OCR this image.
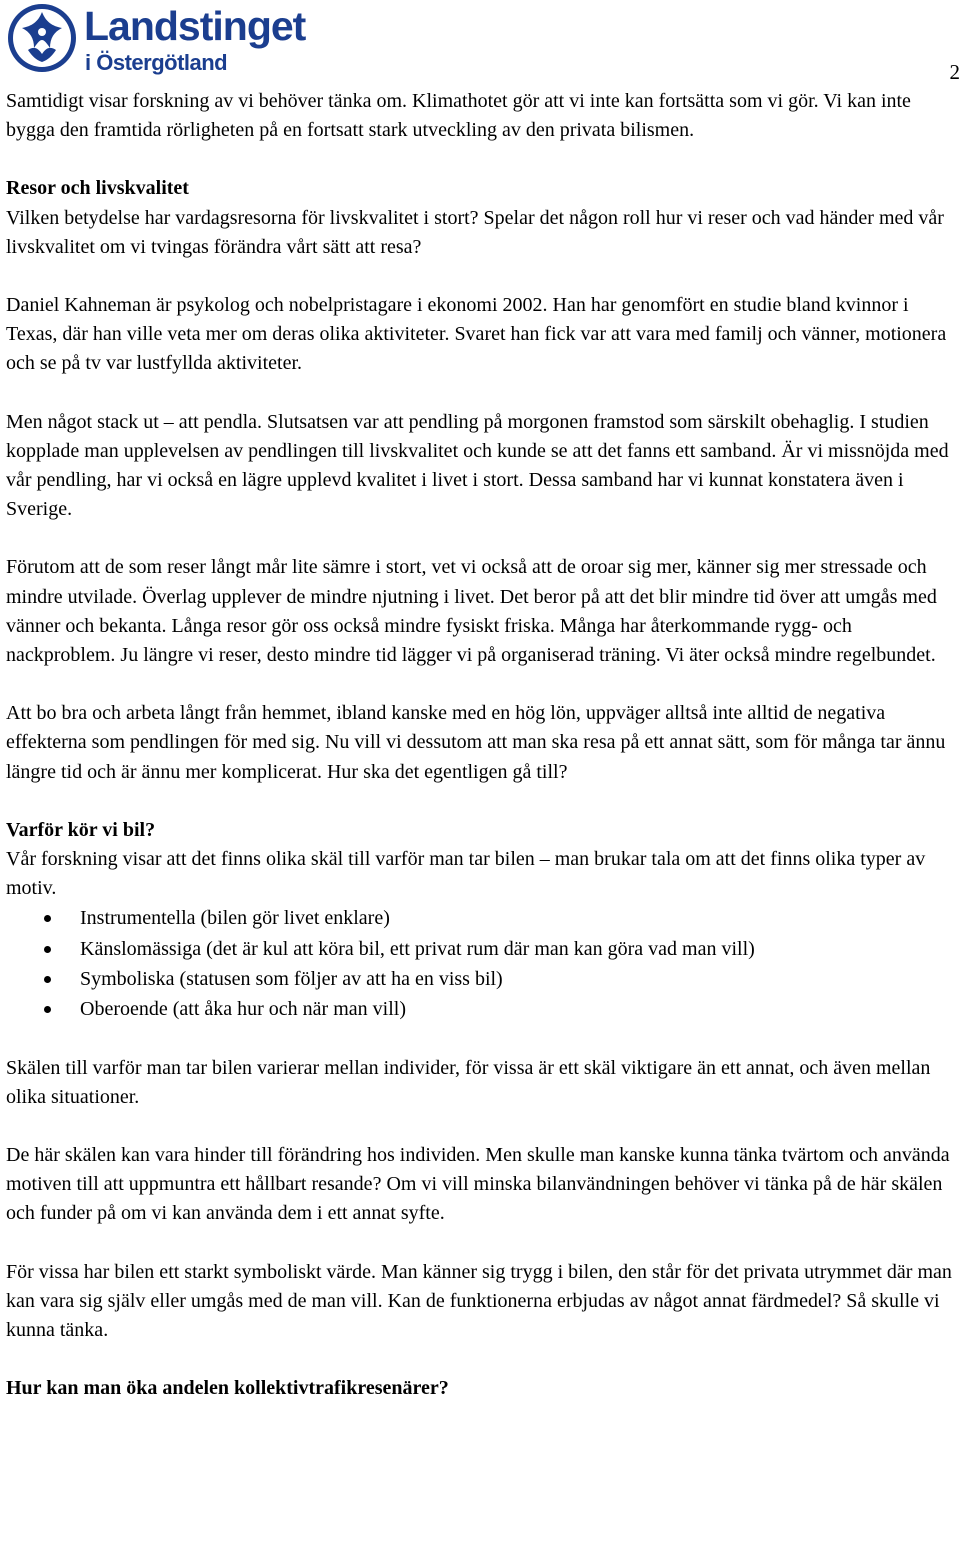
Landstinget
i Östergötland	2

Samtidigt visar forskning av vi behöver tänka om. Klimathotet gör att vi inte kan fortsätta som vi gör. Vi kan inte bygga den framtida rörligheten på en fortsatt stark utveckling av den privata bilismen.

Resor och livskvalitet

Vilken betydelse har vardagsresorna för livskvalitet i stort? Spelar det någon roll hur vi reser och vad händer med vår livskvalitet om vi tvingas förändra vårt sätt att resa?

Daniel Kahneman är psykolog och nobelpristagare i ekonomi 2002. Han har genomfört en studie bland kvinnor i Texas, där han ville veta mer om deras olika aktiviteter. Svaret han fick var att vara med familj och vänner, motionera och se på tv var lustfyllda aktiviteter.

Men något stack ut – att pendla. Slutsatsen var att pendling på morgonen framstod som särskilt obehaglig. I studien kopplade man upplevelsen av pendlingen till livskvalitet och kunde se att det fanns ett samband. Är vi missnöjda med vår pendling, har vi också en lägre upplevd kvalitet i livet i stort. Dessa samband har vi kunnat konstatera även i Sverige.

Förutom att de som reser långt mår lite sämre i stort, vet vi också att de oroar sig mer, känner sig mer stressade och mindre utvilade. Överlag upplever de mindre njutning i livet. Det beror på att det blir mindre tid över att umgås med vänner och bekanta. Långa resor gör oss också mindre fysiskt friska. Många har återkommande rygg- och nackproblem. Ju längre vi reser, desto mindre tid lägger vi på organiserad träning. Vi äter också mindre regelbundet.

Att bo bra och arbeta långt från hemmet, ibland kanske med en hög lön, uppväger alltså inte alltid de negativa effekterna som pendlingen för med sig. Nu vill vi dessutom att man ska resa på ett annat sätt, som för många tar ännu längre tid och är ännu mer komplicerat. Hur ska det egentligen gå till?

Varför kör vi bil?

Vår forskning visar att det finns olika skäl till varför man tar bilen – man brukar tala om att det finns olika typer av motiv.

Instrumentella (bilen gör livet enklare)
Känslomässiga (det är kul att köra bil, ett privat rum där man kan göra vad man vill)
Symboliska (statusen som följer av att ha en viss bil)
Oberoende (att åka hur och när man vill)

Skälen till varför man tar bilen varierar mellan individer, för vissa är ett skäl viktigare än ett annat, och även mellan olika situationer.

De här skälen kan vara hinder till förändring hos individen. Men skulle man kanske kunna tänka tvärtom och använda motiven till att uppmuntra ett hållbart resande? Om vi vill minska bilanvändningen behöver vi tänka på de här skälen och funder på om vi kan använda dem i ett annat syfte.

För vissa har bilen ett starkt symboliskt värde. Man känner sig trygg i bilen, den står för det privata utrymmet där man kan vara sig själv eller umgås med de man vill. Kan de funktionerna erbjudas av något annat färdmedel? Så skulle vi kunna tänka.

Hur kan man öka andelen kollektivtrafikresenärer?
